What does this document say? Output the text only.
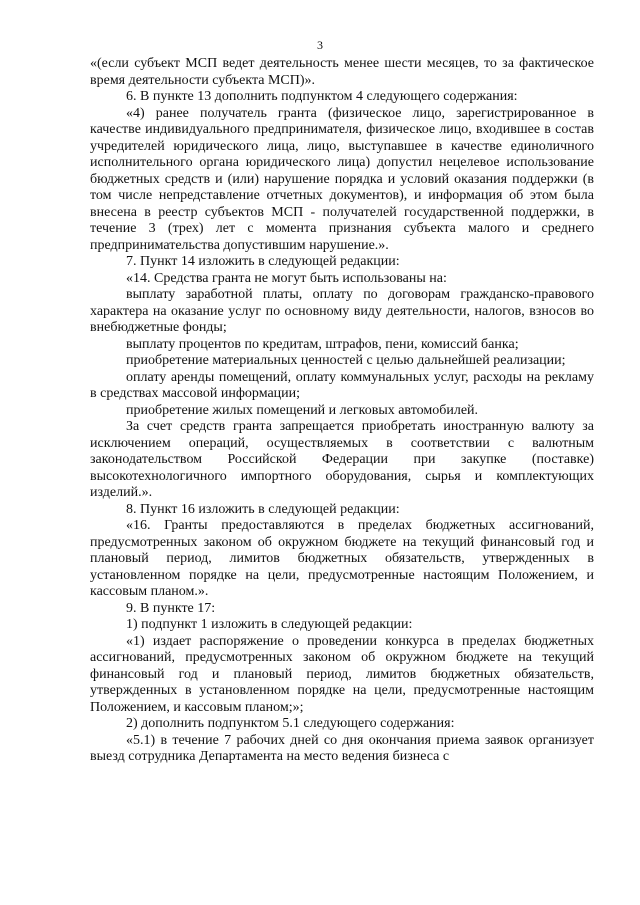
3

«(если субъект МСП ведет деятельность менее шести месяцев, то за фактическое время деятельности субъекта МСП)».

6. В пункте 13 дополнить подпунктом 4 следующего содержания:

«4) ранее получатель гранта (физическое лицо, зарегистрированное в качестве индивидуального предпринимателя, физическое лицо, входившее в состав учредителей юридического лица, лицо, выступавшее в качестве единоличного исполнительного органа юридического лица) допустил нецелевое использование бюджетных средств и (или) нарушение порядка и условий оказания поддержки (в том числе непредставление отчетных документов), и информация об этом была внесена в реестр субъектов МСП - получателей государственной поддержки, в течение 3 (трех) лет с момента признания субъекта малого и среднего предпринимательства допустившим нарушение.».

7. Пункт 14 изложить в следующей редакции:

«14. Средства гранта не могут быть использованы на:

выплату заработной платы, оплату по договорам гражданско-правового характера на оказание услуг по основному виду деятельности, налогов, взносов во внебюджетные фонды;

выплату процентов по кредитам, штрафов, пени, комиссий банка;

приобретение материальных ценностей с целью дальнейшей реализации;

оплату аренды помещений, оплату коммунальных услуг, расходы на рекламу в средствах массовой информации;

приобретение жилых помещений и легковых автомобилей.

За счет средств гранта запрещается приобретать иностранную валюту за исключением операций, осуществляемых в соответствии с валютным законодательством Российской Федерации при закупке (поставке) высокотехнологичного импортного оборудования, сырья и комплектующих изделий.».

8. Пункт 16 изложить в следующей редакции:

«16. Гранты предоставляются в пределах бюджетных ассигнований, предусмотренных законом об окружном бюджете на текущий финансовый год и плановый период, лимитов бюджетных обязательств, утвержденных в установленном порядке на цели, предусмотренные настоящим Положением, и кассовым планом.».

9. В пункте 17:

1) подпункт 1 изложить в следующей редакции:

«1) издает распоряжение о проведении конкурса в пределах бюджетных ассигнований, предусмотренных законом об окружном бюджете на текущий финансовый год и плановый период, лимитов бюджетных обязательств, утвержденных в установленном порядке на цели, предусмотренные настоящим Положением, и кассовым планом;»;

2) дополнить подпунктом 5.1 следующего содержания:

«5.1) в течение 7 рабочих дней со дня окончания приема заявок организует выезд сотрудника Департамента на место ведения бизнеса с
